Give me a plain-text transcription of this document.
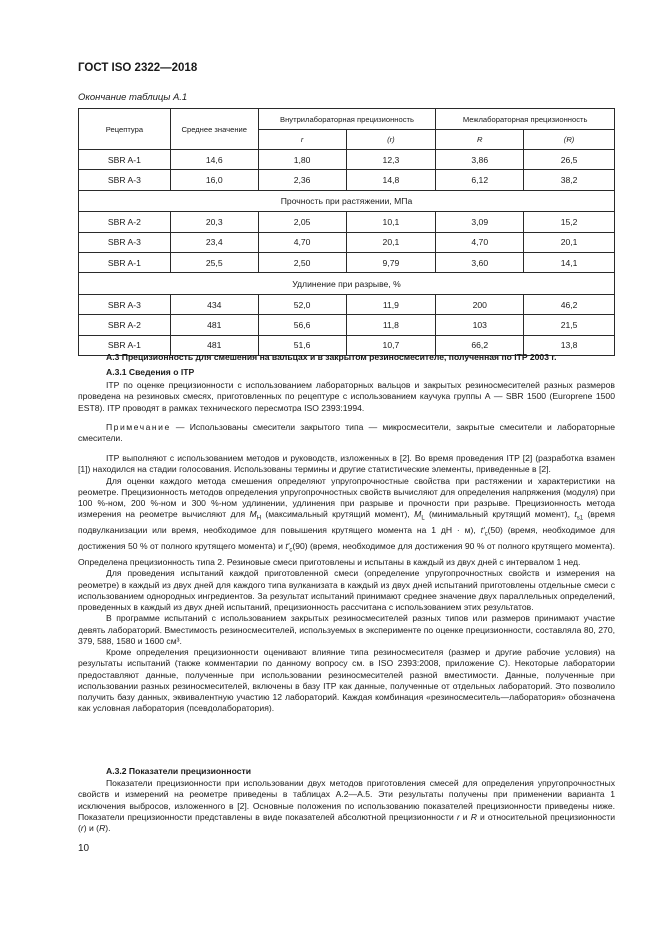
ГОСТ ISO 2322—2018
Окончание таблицы А.1
Рецептура	Среднее значение	Внутрилабораторная прецизионность		Межлабораторная прецизионность	
		r	(r)	R	(R)
SBR A-1	14,6	1,80	12,3	3,86	26,5
SBR A-3	16,0	2,36	14,8	6,12	38,2
Прочность при растяжении, МПа					
SBR A-2	20,3	2,05	10,1	3,09	15,2
SBR A-3	23,4	4,70	20,1	4,70	20,1
SBR A-1	25,5	2,50	9,79	3,60	14,1
Удлинение при разрыве, %					
SBR A-3	434	52,0	11,9	200	46,2
SBR A-2	481	56,6	11,8	103	21,5
SBR A-1	481	51,6	10,7	66,2	13,8
А.3 Прецизионность для смешения на вальцах и в закрытом резиносмесителе, полученная по ITP 2003 г.
А.3.1 Сведения о ITP

ITP по оценке прецизионности с использованием лабораторных вальцов и закрытых резиносмесителей разных размеров проведена на резиновых смесях, приготовленных по рецептуре с использованием каучука группы А — SBR 1500 (Europrene 1500 EST8). ITP проводят в рамках технического пересмотра ISO 2393:1994.

Примечание — Использованы смесители закрытого типа — микросмесители, закрытые смесители и лабораторные смесители.

ITP выполняют с использованием методов и руководств, изложенных в [2]. Во время проведения ITP [2] (разработка взамен [1]) находился на стадии голосования. Использованы термины и другие статистические элементы, приведенные в [2].

Для оценки каждого метода смешения определяют упругопрочностные свойства при растяжении и характеристики на реометре. Прецизионность методов определения упругопрочностных свойств вычисляют для определения напряжения (модуля) при 100 %-ном, 200 %-ном и 300 %-ном удлинении, удлинения при разрыве и прочности при разрыве. Прецизионность метода измерения на реометре вычисляют для $M_H$ (максимальный крутящий момент), $M_L$ (минимальный крутящий момент), $t_{s1}$ (время подвулканизации или время, необходимое для повышения крутящего момента на 1 дН · м), $t'_c(50)$ (время, необходимое для достижения 50 % от полного крутящего момента) и $t'_c(90)$ (время, необходимое для достижения 90 % от полного крутящего момента). Определена прецизионность типа 2. Резиновые смеси приготовлены и испытаны в каждый из двух дней с интервалом 1 нед.

Для проведения испытаний каждой приготовленной смеси (определение упругопрочностных свойств и измерения на реометре) в каждый из двух дней для каждого типа вулканизата в каждый из двух дней испытаний приготовлены отдельные смеси с использованием однородных ингредиентов. За результат испытаний принимают среднее значение двух параллельных определений, проведенных в каждый из двух дней испытаний, прецизионность рассчитана с использованием этих результатов.

В программе испытаний с использованием закрытых резиносмесителей разных типов или размеров принимают участие девять лабораторий. Вместимость резиносмесителей, используемых в эксперименте по оценке прецизионности, составляла 80, 270, 379, 588, 1580 и 1600 см³.

Кроме определения прецизионности оценивают влияние типа резиносмесителя (размер и другие рабочие условия) на результаты испытаний (также комментарии по данному вопросу см. в ISO 2393:2008, приложение С). Некоторые лаборатории предоставляют данные, полученные при использовании резиносмесителей разной вместимости. Данные, полученные при использовании разных резиносмесителей, включены в базу ITP как данные, полученные от отдельных лабораторий. Это позволило получить базу данных, эквивалентную участию 12 лабораторий. Каждая комбинация «резиносмеситель—лаборатория» обозначена как условная лаборатория (псевдолаборатория).

А.3.2 Показатели прецизионности

Показатели прецизионности при использовании двух методов приготовления смесей для определения упругопрочностных свойств и измерений на реометре приведены в таблицах А.2—А.5. Эти результаты получены при применении варианта 1 исключения выбросов, изложенного в [2]. Основные положения по использованию показателей прецизионности приведены ниже. Показатели прецизионности представлены в виде показателей абсолютной прецизионности r и R и относительной прецизионности (r) и (R).

10
